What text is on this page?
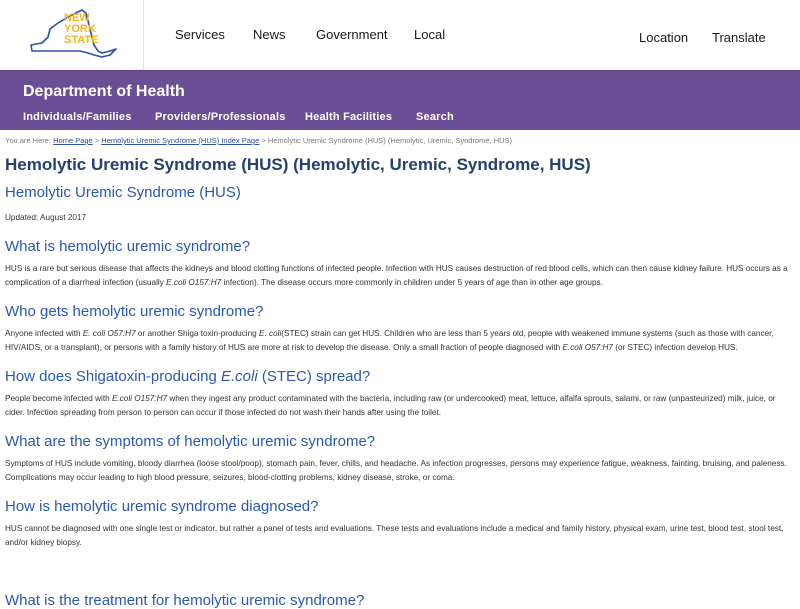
NEW
YORK
STATE	Services News Government Local	Location Translate
Department of Health
Individuals/Families Providers/Professionals Health Facilities Search
You are Here: Home Page > Hemolytic Uremic Syndrome (HUS) Index Page > Hemolytic Uremic Syndrome (HUS) (Hemolytic, Uremic, Syndrome, HUS)
Hemolytic Uremic Syndrome (HUS) (Hemolytic, Uremic, Syndrome, HUS)
Hemolytic Uremic Syndrome (HUS)

Updated: August 2017

What is hemolytic uremic syndrome?

HUS is a rare but serious disease that affects the kidneys and blood clotting functions of infected people. Infection with HUS causes destruction of red blood cells, which can then cause kidney failure. HUS occurs as a complication of a diarrheal infection (usually E.coli O157:H7 infection). The disease occurs more commonly in children under 5 years of age than in other age groups.

Who gets hemolytic uremic syndrome?

Anyone infected with E. coli O57:H7 or another Shiga toxin-producing E. coli(STEC) strain can get HUS. Children who are less than 5 years old, people with weakened immune systems (such as those with cancer, HIV/AIDS, or a transplant), or persons with a family history of HUS are more at risk to develop the disease. Only a small fraction of people diagnosed with E.coli O57:H7 (or STEC) infection develop HUS.

How does Shigatoxin-producing E.coli (STEC) spread?

People become infected with E.coli O157:H7 when they ingest any product contaminated with the bacteria, including raw (or undercooked) meat, lettuce, alfalfa sprouts, salami, or raw (unpasteurized) milk, juice, or cider. Infection spreading from person to person can occur if those infected do not wash their hands after using the toilet.

What are the symptoms of hemolytic uremic syndrome?

Symptoms of HUS include vomiting, bloody diarrhea (loose stool/poop), stomach pain, fever, chills, and headache. As infection progresses, persons may experience fatigue, weakness, fainting, bruising, and paleness. Complications may occur leading to high blood pressure, seizures, blood-clotting problems, kidney disease, stroke, or coma.

How is hemolytic uremic syndrome diagnosed?

HUS cannot be diagnosed with one single test or indicator, but rather a panel of tests and evaluations. These tests and evaluations include a medical and family history, physical exam, urine test, blood test, stool test, and/or kidney biopsy.

What is the treatment for hemolytic uremic syndrome?
